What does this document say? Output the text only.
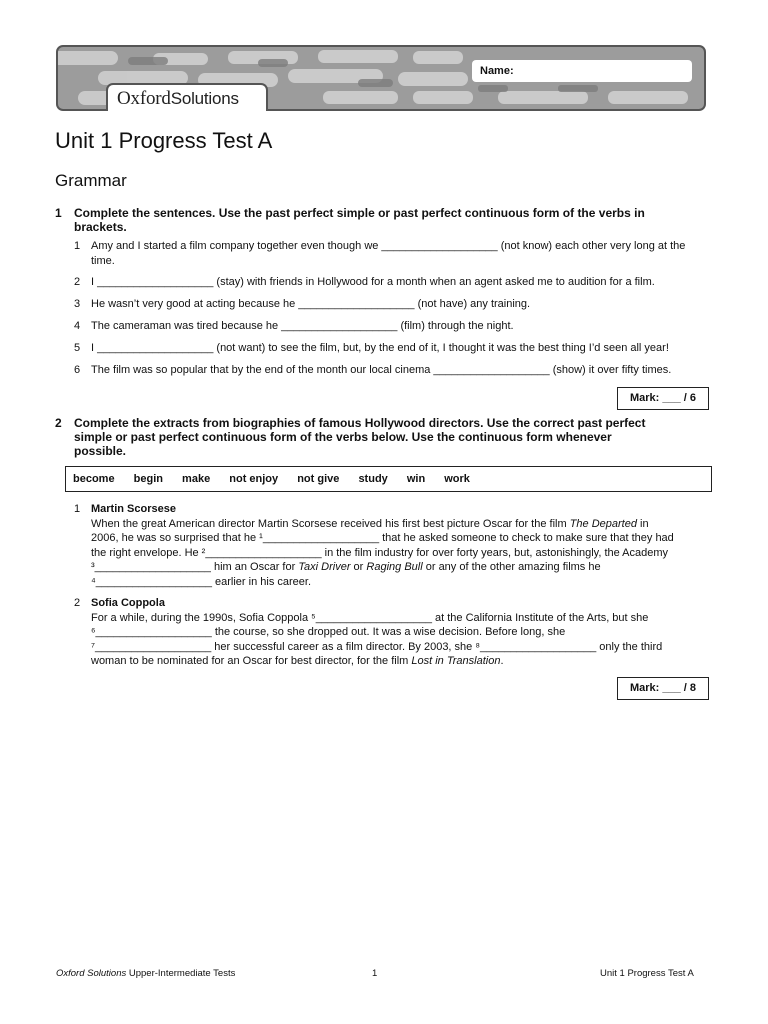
Name:
OxfordSolutions
Unit 1 Progress Test A
Grammar
1 Complete the sentences. Use the past perfect simple or past perfect continuous form of the verbs in
brackets.
1 Amy and I started a film company together even though we ___________________ (not know) each other very long at the time.
2 I ___________________ (stay) with friends in Hollywood for a month when an agent asked me to audition for a film.
3 He wasn’t very good at acting because he ___________________ (not have) any training.
4 The cameraman was tired because he ___________________ (film) through the night.
5 I ___________________ (not want) to see the film, but, by the end of it, I thought it was the best thing I’d seen all year!
6 The film was so popular that by the end of the month our local cinema ___________________ (show) it over fifty times.
Mark: ___ / 6
2 Complete the extracts from biographies of famous Hollywood directors. Use the correct past perfect
simple or past perfect continuous form of the verbs below. Use the continuous form whenever
possible.
become begin make not enjoy not give study win work
1 Martin Scorsese
When the great American director Martin Scorsese received his first best picture Oscar for the film The Departed in
2006, he was so surprised that he ¹___________________ that he asked someone to check to make sure that they had
the right envelope. He ²___________________ in the film industry for over forty years, but, astonishingly, the Academy
³___________________ him an Oscar for Taxi Driver or Raging Bull or any of the other amazing films he
⁴___________________ earlier in his career.
2 Sofia Coppola
For a while, during the 1990s, Sofia Coppola ⁵___________________ at the California Institute of the Arts, but she
⁶___________________ the course, so she dropped out. It was a wise decision. Before long, she
⁷___________________ her successful career as a film director. By 2003, she ⁸___________________ only the third
woman to be nominated for an Oscar for best director, for the film Lost in Translation.
Mark: ___ / 8
Oxford Solutions Upper-Intermediate Tests	1	Unit 1 Progress Test A
